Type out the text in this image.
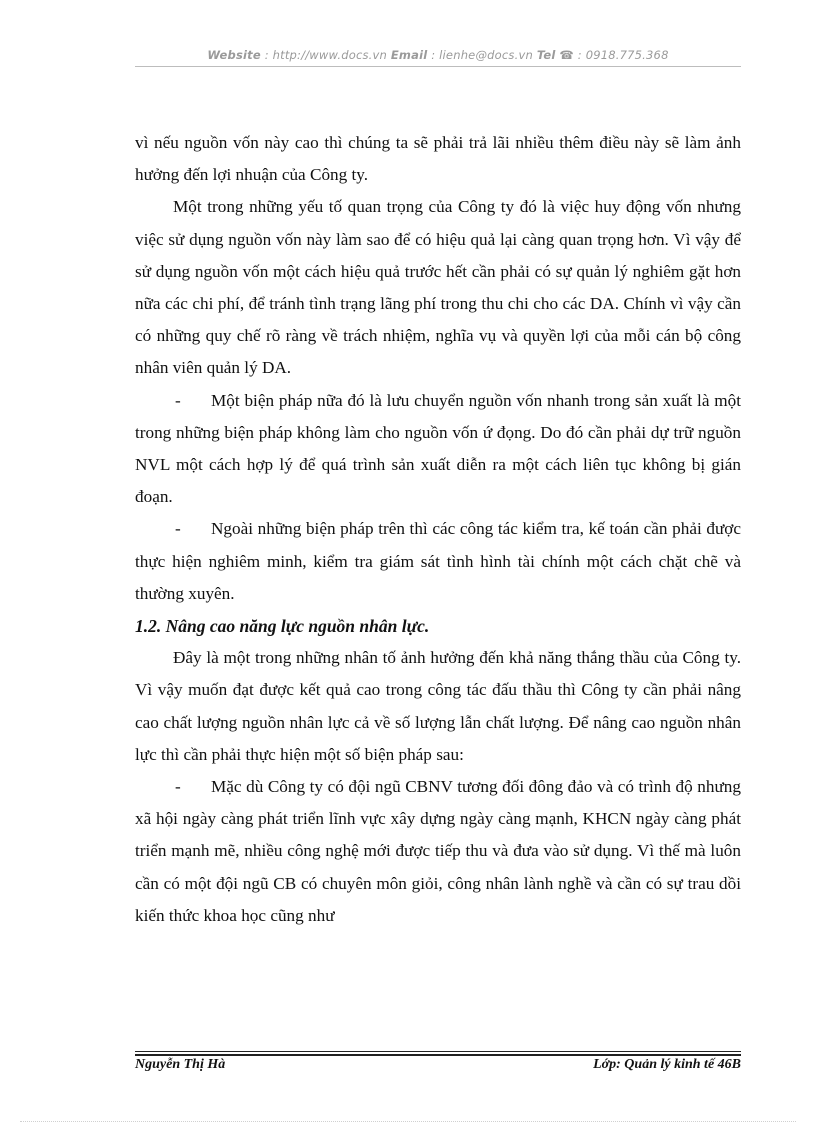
Website : http://www.docs.vn Email : lienhe@docs.vn Tel ☎ : 0918.775.368

vì nếu nguồn vốn này cao thì chúng ta sẽ phải trả lãi nhiều thêm điều này sẽ làm ảnh hưởng đến lợi nhuận của Công ty.

Một trong những yếu tố quan trọng của Công ty đó là việc huy động vốn nhưng việc sử dụng nguồn vốn này làm sao để có hiệu quả lại càng quan trọng hơn. Vì vậy để sử dụng nguồn vốn một cách hiệu quả trước hết cần phải có sự quản lý nghiêm gặt hơn nữa các chi phí, để tránh tình trạng lãng phí trong thu chi cho các DA. Chính vì vậy cần có những quy chế rõ ràng về trách nhiệm, nghĩa vụ và quyền lợi của mỗi cán bộ công nhân viên quản lý DA.

- Một biện pháp nữa đó là lưu chuyển nguồn vốn nhanh trong sản xuất là một trong những biện pháp không làm cho nguồn vốn ứ đọng. Do đó cần phải dự trữ nguồn NVL một cách hợp lý để quá trình sản xuất diễn ra một cách liên tục không bị gián đoạn.

- Ngoài những biện pháp trên thì các công tác kiểm tra, kế toán cần phải được thực hiện nghiêm minh, kiểm tra giám sát tình hình tài chính một cách chặt chẽ và thường xuyên.

1.2. Nâng cao năng lực nguồn nhân lực.

Đây là một trong những nhân tố ảnh hưởng đến khả năng thắng thầu của Công ty. Vì vậy muốn đạt được kết quả cao trong công tác đấu thầu thì Công ty cần phải nâng cao chất lượng nguồn nhân lực cả về số lượng lẫn chất lượng. Để nâng cao nguồn nhân lực thì cần phải thực hiện một số biện pháp sau:

- Mặc dù Công ty có đội ngũ CBNV tương đối đông đảo và có trình độ nhưng xã hội ngày càng phát triển lĩnh vực xây dựng ngày càng mạnh, KHCN ngày càng phát triển mạnh mẽ, nhiều công nghệ mới được tiếp thu và đưa vào sử dụng. Vì thế mà luôn cần có một đội ngũ CB có chuyên môn giỏi, công nhân lành nghề và cần có sự trau dồi kiến thức khoa học cũng như

Nguyễn Thị Hà	Lớp: Quản lý kinh tế 46B
